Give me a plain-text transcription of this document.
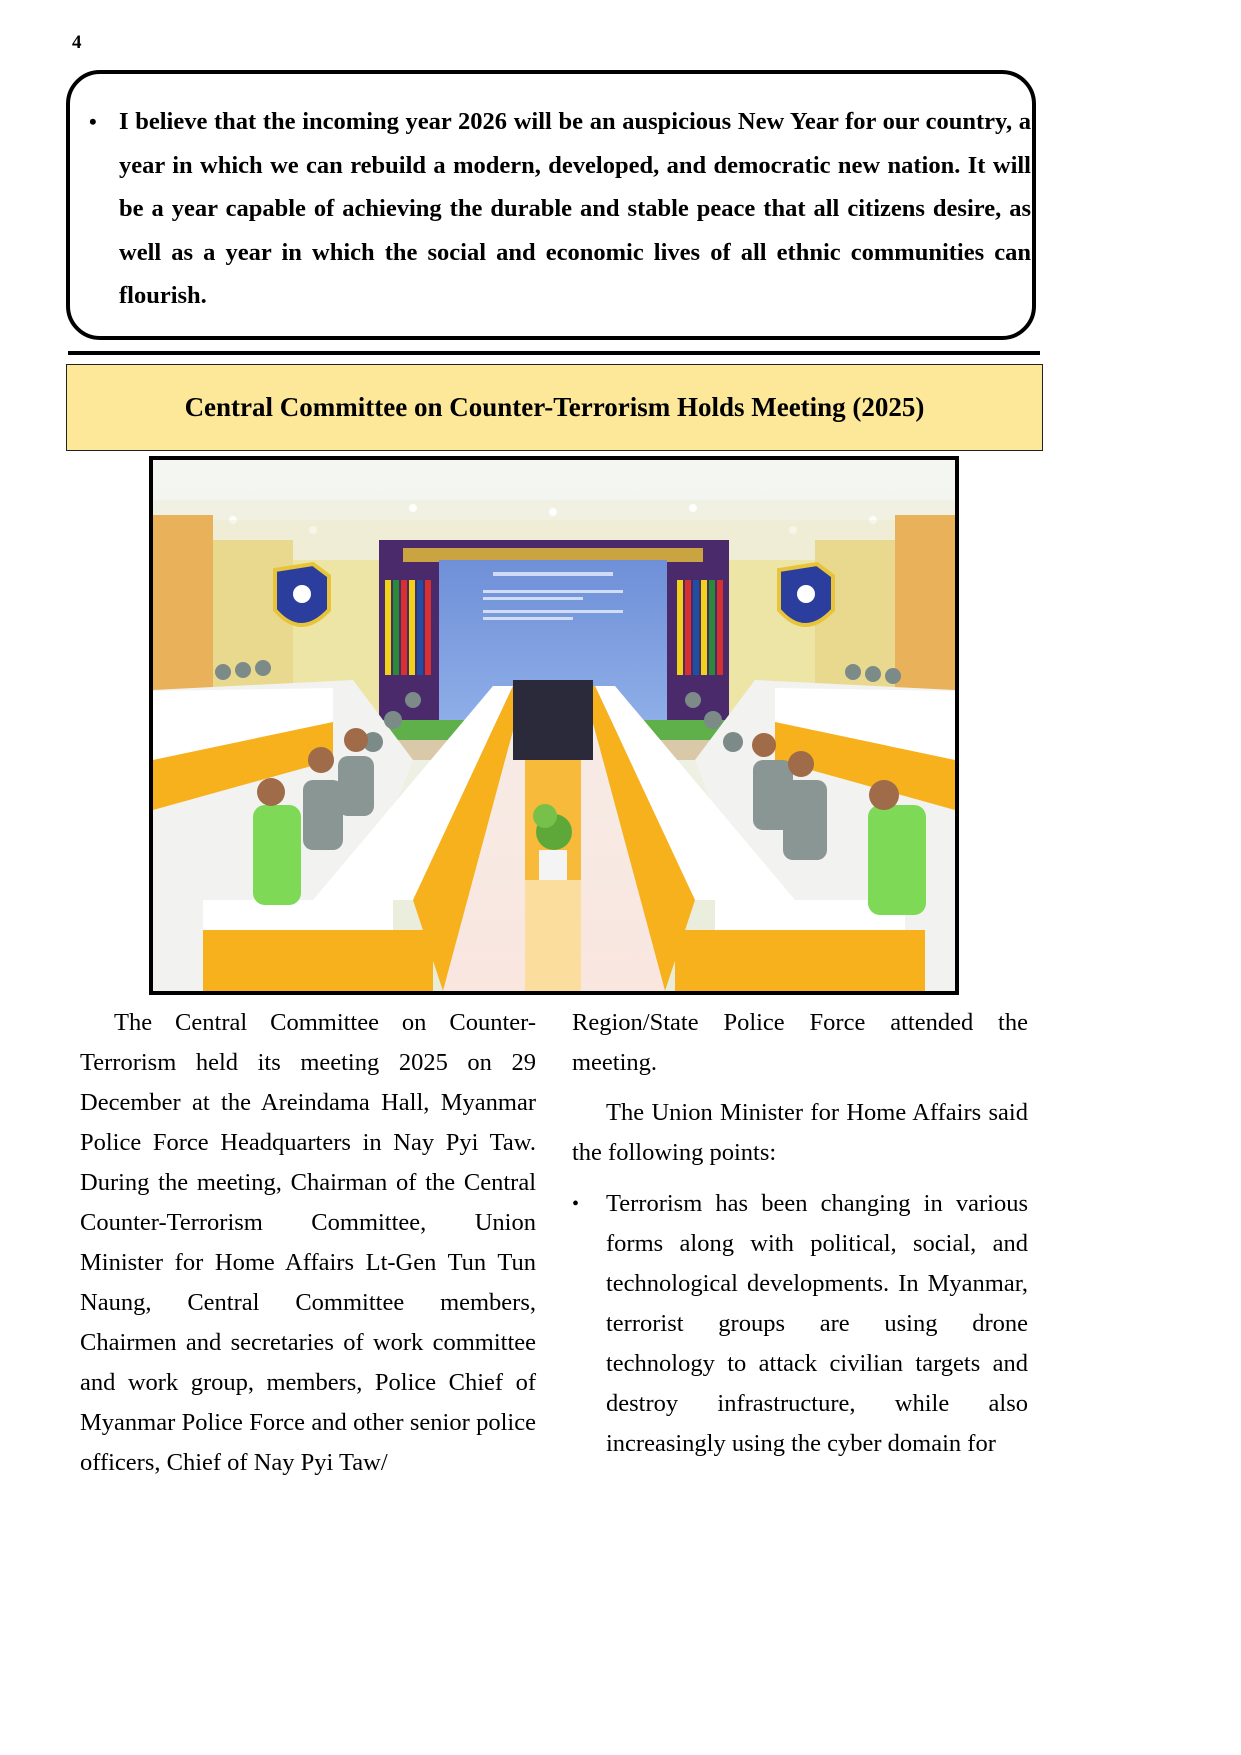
4
• I believe that the incoming year 2026 will be an auspicious New Year for our country, a year in which we can rebuild a modern, developed, and democratic new nation. It will be a year capable of achieving the durable and stable peace that all citizens desire, as well as a year in which the social and economic lives of all ethnic communities can flourish.
Central Committee on Counter-Terrorism Holds Meeting (2025)

The Central Committee on Counter-Terrorism held its meeting 2025 on 29 December at the Areindama Hall, Myanmar Police Force Headquarters in Nay Pyi Taw. During the meeting, Chairman of the Central Counter-Terrorism Committee, Union Minister for Home Affairs Lt-Gen Tun Tun Naung, Central Committee members, Chairmen and secretaries of work committee and work group, members, Police Chief of Myanmar Police Force and other senior police officers, Chief of Nay Pyi Taw/

Region/State Police Force attended the meeting.

The Union Minister for Home Affairs said the following points:

• Terrorism has been changing in various forms along with political, social, and technological developments. In Myanmar, terrorist groups are using drone technology to attack civilian targets and destroy infrastructure, while also increasingly using the cyber domain for
